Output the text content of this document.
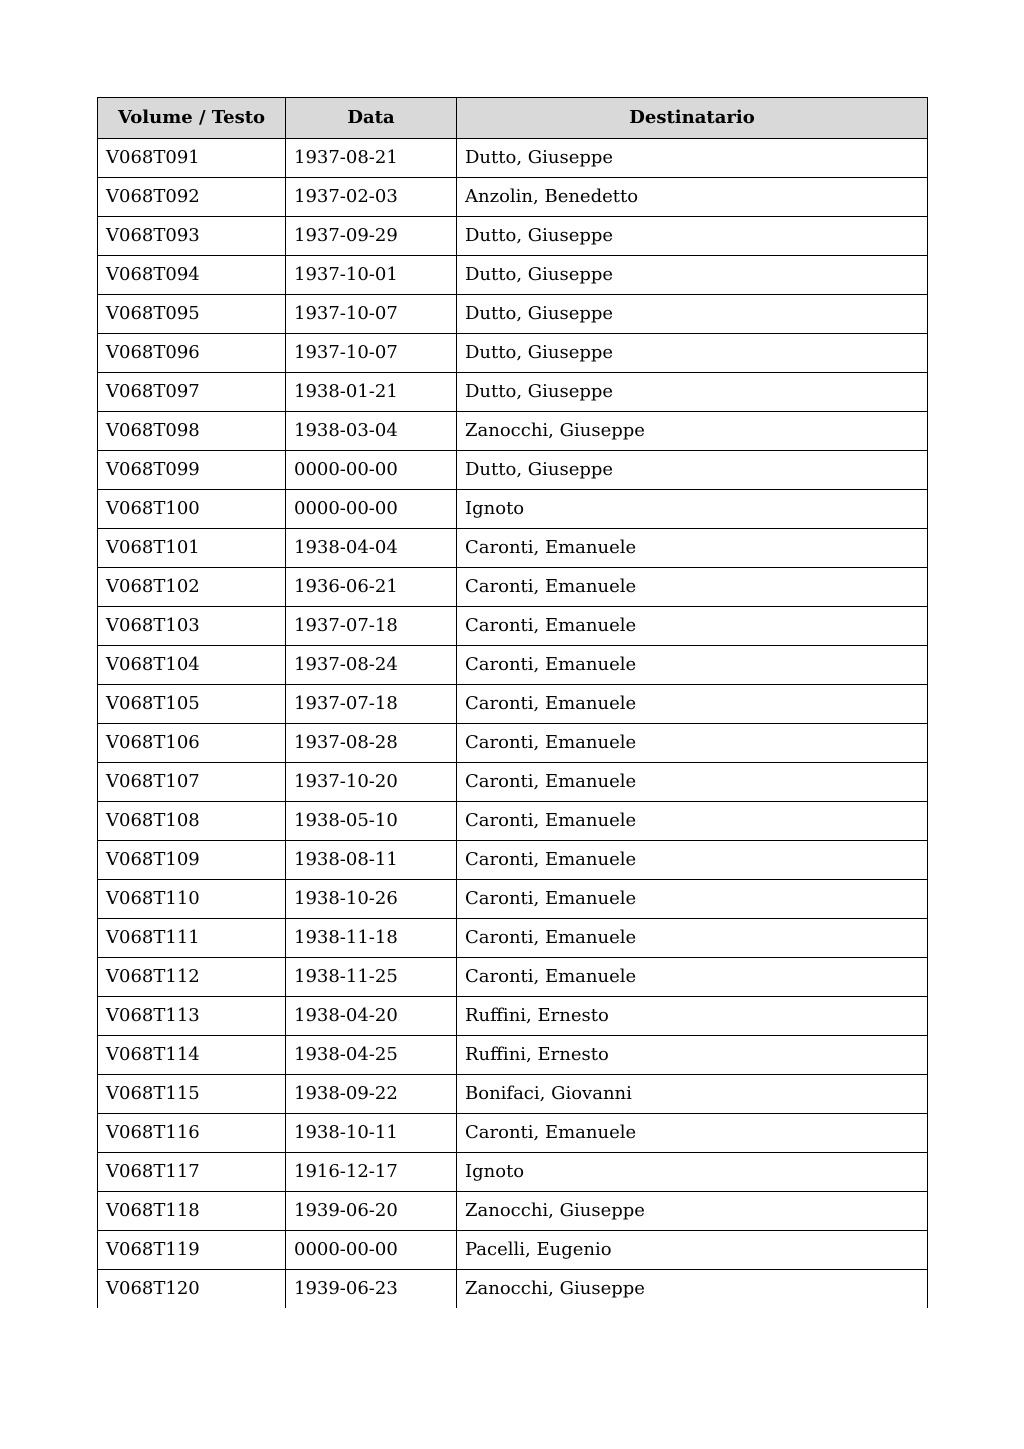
Volume / Testo	Data	Destinatario
V068T091	1937-08-21	Dutto, Giuseppe
V068T092	1937-02-03	Anzolin, Benedetto
V068T093	1937-09-29	Dutto, Giuseppe
V068T094	1937-10-01	Dutto, Giuseppe
V068T095	1937-10-07	Dutto, Giuseppe
V068T096	1937-10-07	Dutto, Giuseppe
V068T097	1938-01-21	Dutto, Giuseppe
V068T098	1938-03-04	Zanocchi, Giuseppe
V068T099	0000-00-00	Dutto, Giuseppe
V068T100	0000-00-00	Ignoto
V068T101	1938-04-04	Caronti, Emanuele
V068T102	1936-06-21	Caronti, Emanuele
V068T103	1937-07-18	Caronti, Emanuele
V068T104	1937-08-24	Caronti, Emanuele
V068T105	1937-07-18	Caronti, Emanuele
V068T106	1937-08-28	Caronti, Emanuele
V068T107	1937-10-20	Caronti, Emanuele
V068T108	1938-05-10	Caronti, Emanuele
V068T109	1938-08-11	Caronti, Emanuele
V068T110	1938-10-26	Caronti, Emanuele
V068T111	1938-11-18	Caronti, Emanuele
V068T112	1938-11-25	Caronti, Emanuele
V068T113	1938-04-20	Ruffini, Ernesto
V068T114	1938-04-25	Ruffini, Ernesto
V068T115	1938-09-22	Bonifaci, Giovanni
V068T116	1938-10-11	Caronti, Emanuele
V068T117	1916-12-17	Ignoto
V068T118	1939-06-20	Zanocchi, Giuseppe
V068T119	0000-00-00	Pacelli, Eugenio
V068T120	1939-06-23	Zanocchi, Giuseppe
